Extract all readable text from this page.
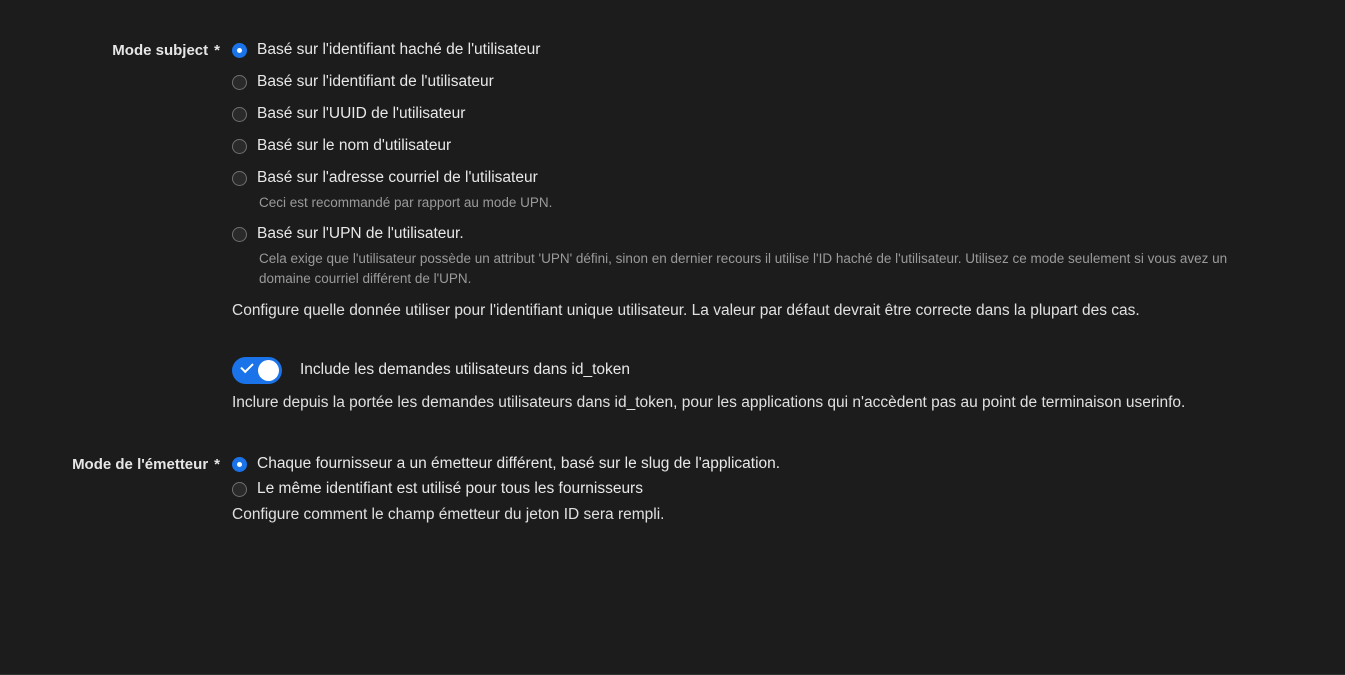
Mode subject *	Basé sur l'identifiant haché de l'utilisateur
Basé sur l'identifiant de l'utilisateur
Basé sur l'UUID de l'utilisateur
Basé sur le nom d'utilisateur
Basé sur l'adresse courriel de l'utilisateur
Ceci est recommandé par rapport au mode UPN.
Basé sur l'UPN de l'utilisateur.
Cela exige que l'utilisateur possède un attribut 'UPN' défini, sinon en dernier recours il utilise l'ID haché de l'utilisateur. Utilisez ce mode seulement si vous avez un domaine courriel différent de l'UPN.
Configure quelle donnée utiliser pour l'identifiant unique utilisateur. La valeur par défaut devrait être correcte dans la plupart des cas.
Include les demandes utilisateurs dans id_token
Inclure depuis la portée les demandes utilisateurs dans id_token, pour les applications qui n'accèdent pas au point de terminaison userinfo.
Mode de l'émetteur *	Chaque fournisseur a un émetteur différent, basé sur le slug de l'application.
Le même identifiant est utilisé pour tous les fournisseurs
Configure comment le champ émetteur du jeton ID sera rempli.
